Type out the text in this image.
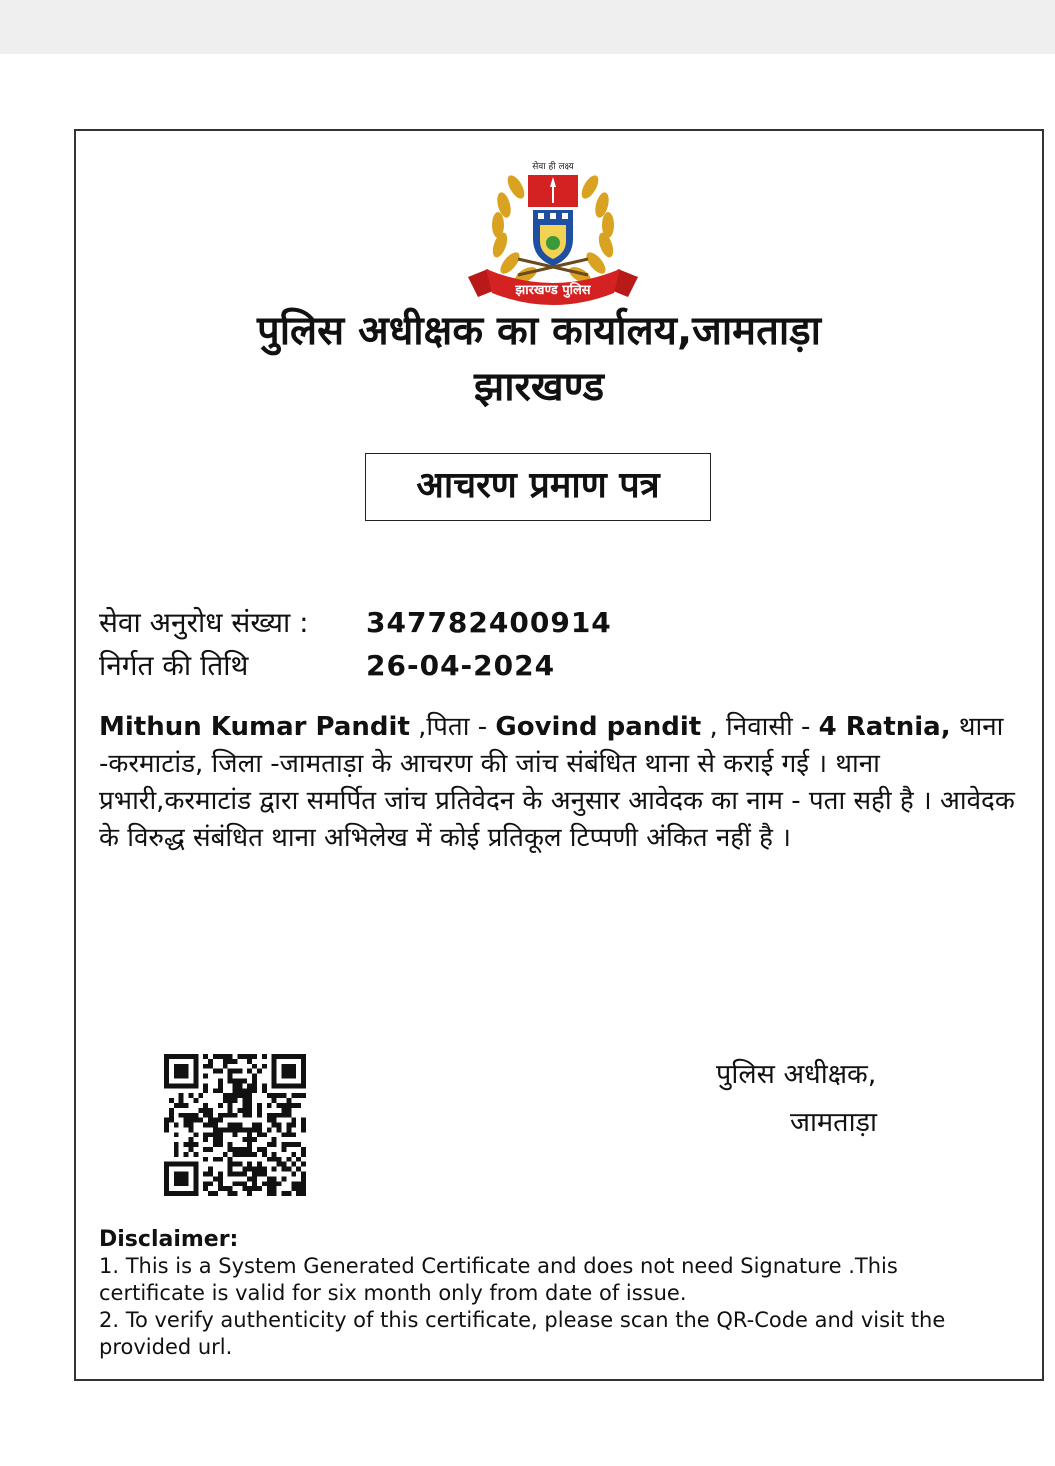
सेवा ही लक्ष्य
झारखण्ड पुलिस
पुलिस अधीक्षक का कार्यालय,जामताड़ा
झारखण्ड
आचरण प्रमाण पत्र
सेवा अनुरोध संख्या : 347782400914
निर्गत की तिथि	26-04-2024
Mithun Kumar Pandit ,पिता - Govind pandit , निवासी - 4 Ratnia, थाना -करमाटांड, जिला -जामताड़ा के आचरण की जांच संबंधित थाना से कराई गई । थाना प्रभारी,करमाटांड द्वारा समर्पित जांच प्रतिवेदन के अनुसार आवेदक का नाम - पता सही है । आवेदक के विरुद्ध संबंधित थाना अभिलेख में कोई प्रतिकूल टिप्पणी अंकित नहीं है ।
पुलिस अधीक्षक,
जामताड़ा
Disclaimer:
1. This is a System Generated Certificate and does not need Signature .This certificate is valid for six month only from date of issue.
2. To verify authenticity of this certificate, please scan the QR-Code and visit the provided url.
